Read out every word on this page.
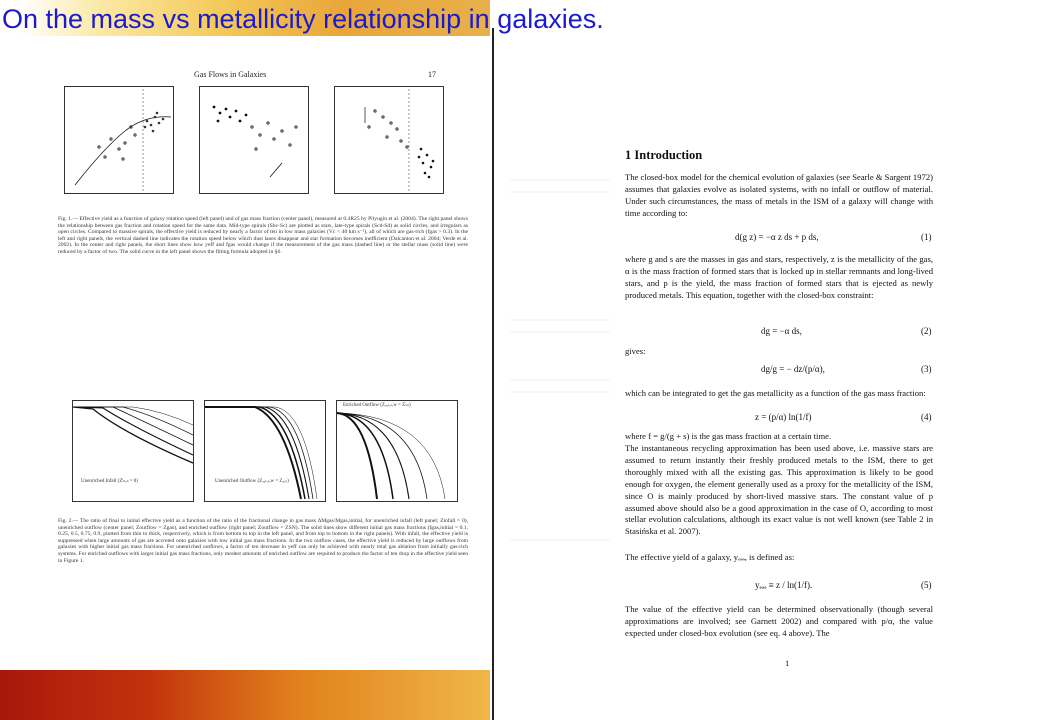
On the mass vs metallicity relationship in galaxies.
Gas Flows in Galaxies	17
Fig. 1.— Effective yield as a function of galaxy rotation speed (left panel) and of gas mass fraction (center panel), measured at 0.4R25 by Pilyugin et al. (2004). The right panel shows the relationship between gas fraction and rotation speed for the same data. Mid-type spirals (Sbc-Sc) are plotted as stars, late-type spirals (Scd-Sd) as solid circles, and irregulars as open circles. Compared to massive spirals, the effective yield is reduced by nearly a factor of ten in low mass galaxies (Vc < 40 km s⁻¹), all of which are gas-rich (fgas > 0.3). In the left and right panels, the vertical dashed line indicates the rotation speed below which dust lanes disappear and star formation becomes inefficient (Dalcanton et al. 2004; Verde et al. 2002). In the center and right panels, the short lines show how yeff and fgas would change if the measurement of the gas mass (dashed line) or the stellar mass (solid line) were reduced by a factor of two. The solid curve in the left panel shows the fitting formula adopted in §6.
Unenriched Infall (Zᴵₙₒₗₗ = 0)	Unenriched Outflow (Zₒᵤₜₒₗₒw = Zₓₐₛ)
Enriched Outflow (Zₒᵤₜₒₗₒw = Zₛₙ)
Fig. 2.— The ratio of final to initial effective yield as a function of the ratio of the fractional change in gas mass ΔMgas/Mgas,initial, for unenriched infall (left panel; Zinfall = 0), unenriched outflow (center panel; Zoutflow = Zgas), and enriched outflow (right panel; Zoutflow = ZSN). The solid lines show different initial gas mass fractions (fgas,initial = 0.1, 0.25, 0.5, 0.75, 0.9, plotted from thin to thick, respectively, which is from bottom to top in the left panel, and from top to bottom in the right panels). With infall, the effective yield is suppressed when large amounts of gas are accreted onto galaxies with low initial gas mass fractions. In the two outflow cases, the effective yield is reduced by large outflows from galaxies with higher initial gas mass fractions. For unenriched outflows, a factor of ten decrease in yeff can only be achieved with nearly total gas ablation from initially gas-rich systems. For enriched outflows with larger initial gas mass fractions, only modest amounts of enriched outflow are required to produce the factor of ten drop in the effective yield seen in Figure 1.
1 Introduction
The closed-box model for the chemical evolution of galaxies (see Searle & Sargent 1972) assumes that galaxies evolve as isolated systems, with no infall or outflow of material. Under such circumstances, the mass of metals in the ISM of a galaxy will change with time according to:
d(g z) = −α z ds + p ds,	(1)
where g and s are the masses in gas and stars, respectively, z is the metallicity of the gas, α is the mass fraction of formed stars that is locked up in stellar remnants and long-lived stars, and p is the yield, the mass fraction of formed stars that is ejected as newly produced metals. This equation, together with the closed-box constraint:
dg = −α ds,	(2)
gives:
dg/g = − dz/(p/α),	(3)
which can be integrated to get the gas metallicity as a function of the gas mass fraction:
z = (p/α) ln(1/f)	(4)
where f = g/(g + s) is the gas mass fraction at a certain time.
The instantaneous recycling approximation has been used above, i.e. massive stars are assumed to return instantly their freshly produced metals to the ISM, there to get thoroughly mixed with all the existing gas. This approximation is likely to be good enough for oxygen, the element generally used as a proxy for the metallicity of the ISM, since O is mainly produced by short-lived massive stars. The constant value of p assumed above should also be a good approximation in the case of O, according to most stellar evolution calculations, although its exact value is not well known (see Table 2 in Stasińska et al. 2007).
The effective yield of a galaxy, yₑₔₔ, is defined as:
yₑₔₔ ≡ z / ln(1/f).	(5)
The value of the effective yield can be determined observationally (though several approximations are involved; see Garnett 2002) and compared with p/α, the value expected under closed-box evolution (see eq. 4 above). The
1
